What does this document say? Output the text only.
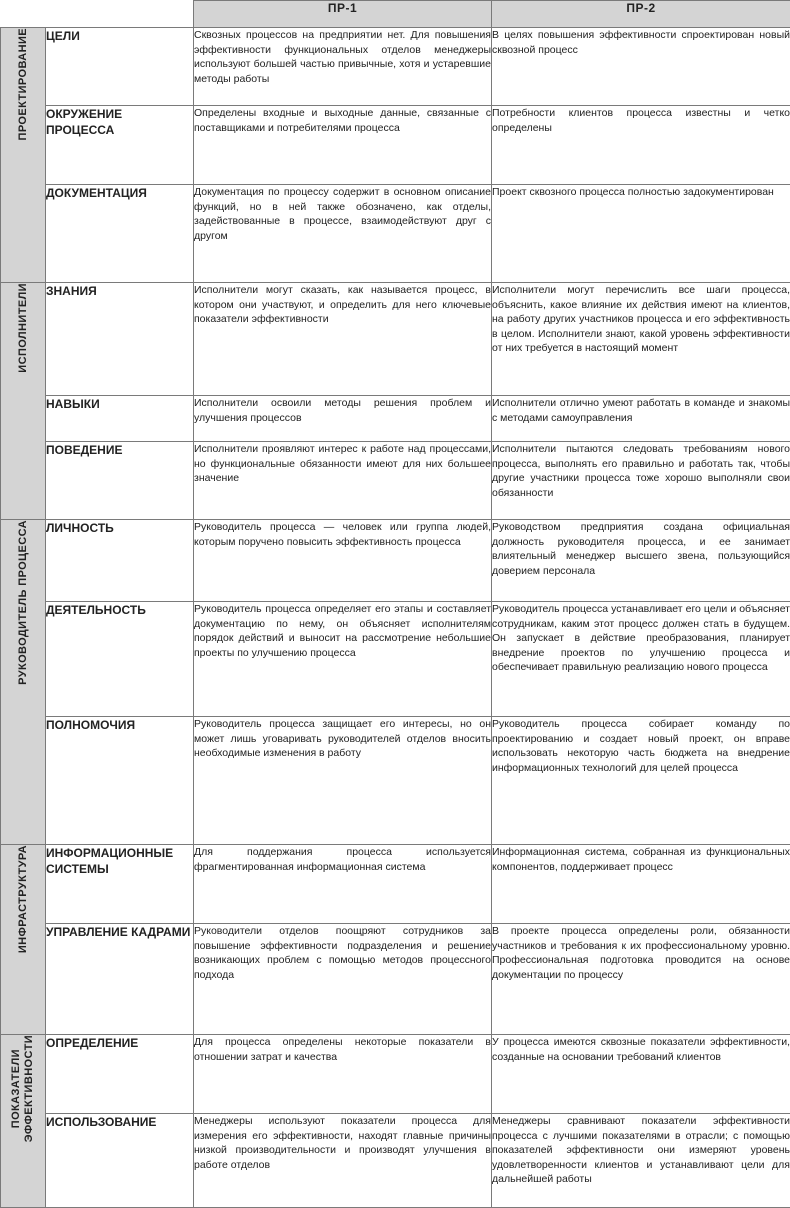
		ПР-1	ПР-2

ПРОЕКТИРОВАНИЕ	ЦЕЛИ	Сквозных процессов на предприятии нет. Для повышения эффективности функциональных отделов менеджеры используют большей частью привычные, хотя и устаревшие методы работы	В целях повышения эффективности спроектирован новый сквозной процесс
	ОКРУЖЕНИЕ ПРОЦЕССА	Определены входные и выходные данные, связанные с поставщиками и потребителями процесса	Потребности клиентов процесса известны и четко определены
	ДОКУМЕНТАЦИЯ	Документация по процессу содержит в основном описание функций, но в ней также обозначено, как отделы, задействованные в процессе, взаимодействуют друг с другом	Проект сквозного процесса полностью задокументирован

ИСПОЛНИТЕЛИ	ЗНАНИЯ	Исполнители могут сказать, как называется процесс, в котором они участвуют, и определить для него ключевые показатели эффективности	Исполнители могут перечислить все шаги процесса, объяснить, какое влияние их действия имеют на клиентов, на работу других участников процесса и его эффективность в целом. Исполнители знают, какой уровень эффективности от них требуется в настоящий момент
	НАВЫКИ	Исполнители освоили методы решения проблем и улучшения процессов	Исполнители отлично умеют работать в команде и знакомы с методами самоуправления
	ПОВЕДЕНИЕ	Исполнители проявляют интерес к работе над процессами, но функциональные обязанности имеют для них большее значение	Исполнители пытаются следовать требованиям нового процесса, выполнять его правильно и работать так, чтобы другие участники процесса тоже хорошо выполняли свои обязанности

РУКОВОДИТЕЛЬ ПРОЦЕССА	ЛИЧНОСТЬ	Руководитель процесса — человек или группа людей, которым поручено повысить эффективность процесса	Руководством предприятия создана официальная должность руководителя процесса, и ее занимает влиятельный менеджер высшего звена, пользующийся доверием персонала
	ДЕЯТЕЛЬНОСТЬ	Руководитель процесса определяет его этапы и составляет документацию по нему, он объясняет исполнителям порядок действий и выносит на рассмотрение небольшие проекты по улучшению процесса	Руководитель процесса устанавливает его цели и объясняет сотрудникам, каким этот процесс должен стать в будущем. Он запускает в действие преобразования, планирует внедрение проектов по улучшению процесса и обеспечивает правильную реализацию нового процесса
	ПОЛНОМОЧИЯ	Руководитель процесса защищает его интересы, но он может лишь уговаривать руководителей отделов вносить необходимые изменения в работу	Руководитель процесса собирает команду по проектированию и создает новый проект, он вправе использовать некоторую часть бюджета на внедрение информационных технологий для целей процесса

ИНФРАСТРУКТУРА	ИНФОРМАЦИОННЫЕ СИСТЕМЫ	Для поддержания процесса используется фрагментированная информационная система	Информационная система, собранная из функциональных компонентов, поддерживает процесс
	УПРАВЛЕНИЕ КАДРАМИ	Руководители отделов поощряют сотрудников за повышение эффективности подразделения и решение возникающих проблем с помощью методов процессного подхода	В проекте процесса определены роли, обязанности участников и требования к их профессиональному уровню. Профессиональная подготовка проводится на основе документации по процессу

ПОКАЗАТЕЛИ
ЭФФЕКТИВНОСТИ	ОПРЕДЕЛЕНИЕ	Для процесса определены некоторые показатели в отношении затрат и качества	У процесса имеются сквозные показатели эффективности, созданные на основании требований клиентов
	ИСПОЛЬЗОВАНИЕ	Менеджеры используют показатели процесса для измерения его эффективности, находят главные причины низкой производительности и производят улучшения в работе отделов	Менеджеры сравнивают показатели эффективности процесса с лучшими показателями в отрасли; с помощью показателей эффективности они измеряют уровень удовлетворенности клиентов и устанавливают цели для дальнейшей работы
